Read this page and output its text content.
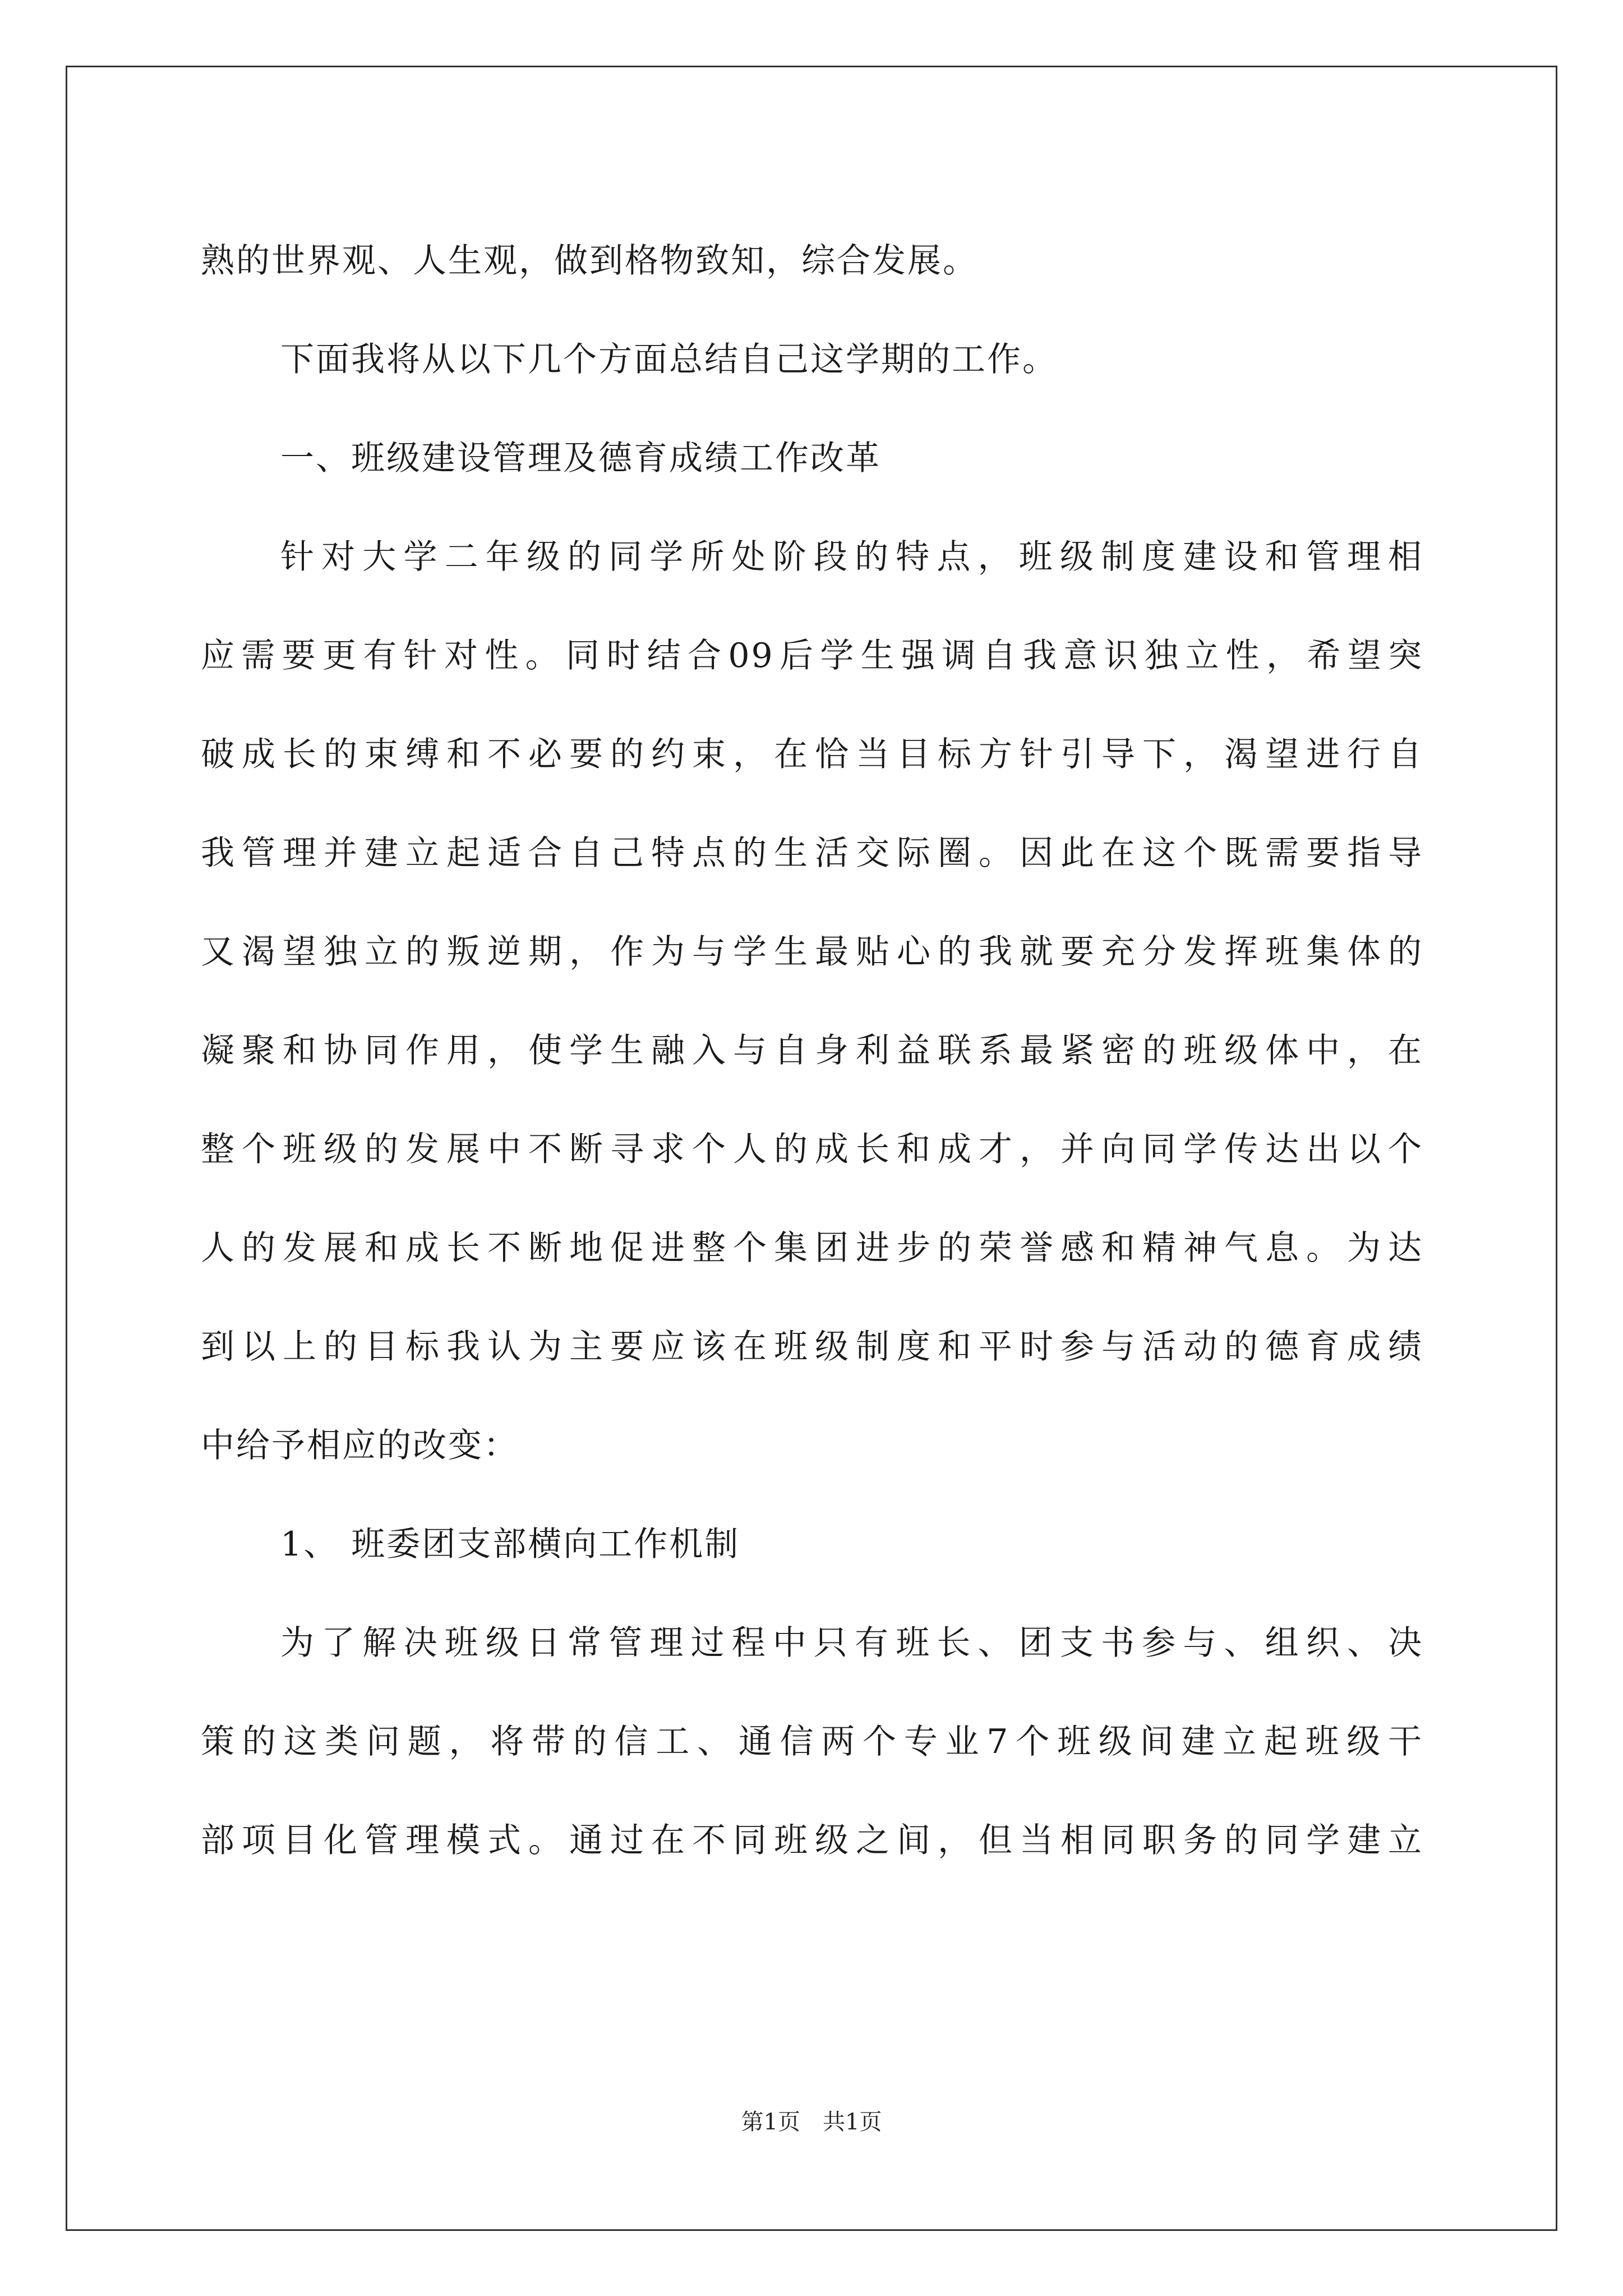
熟的世界观、人生观，做到格物致知，综合发展。

下面我将从以下几个方面总结自己这学期的工作。

一、班级建设管理及德育成绩工作改革

针对大学二年级的同学所处阶段的特点，班级制度建设和管理相

应需要更有针对性。同时结合09后学生强调自我意识独立性，希望突

破成长的束缚和不必要的约束，在恰当目标方针引导下，渴望进行自

我管理并建立起适合自己特点的生活交际圈。因此在这个既需要指导

又渴望独立的叛逆期，作为与学生最贴心的我就要充分发挥班集体的

凝聚和协同作用，使学生融入与自身利益联系最紧密的班级体中，在

整个班级的发展中不断寻求个人的成长和成才，并向同学传达出以个

人的发展和成长不断地促进整个集团进步的荣誉感和精神气息。为达

到以上的目标我认为主要应该在班级制度和平时参与活动的德育成绩

中给予相应的改变：

1、 班委团支部横向工作机制

为了解决班级日常管理过程中只有班长、团支书参与、组织、决

策的这类问题，将带的信工、通信两个专业7个班级间建立起班级干

部项目化管理模式。通过在不同班级之间，但当相同职务的同学建立

第1页　共1页
